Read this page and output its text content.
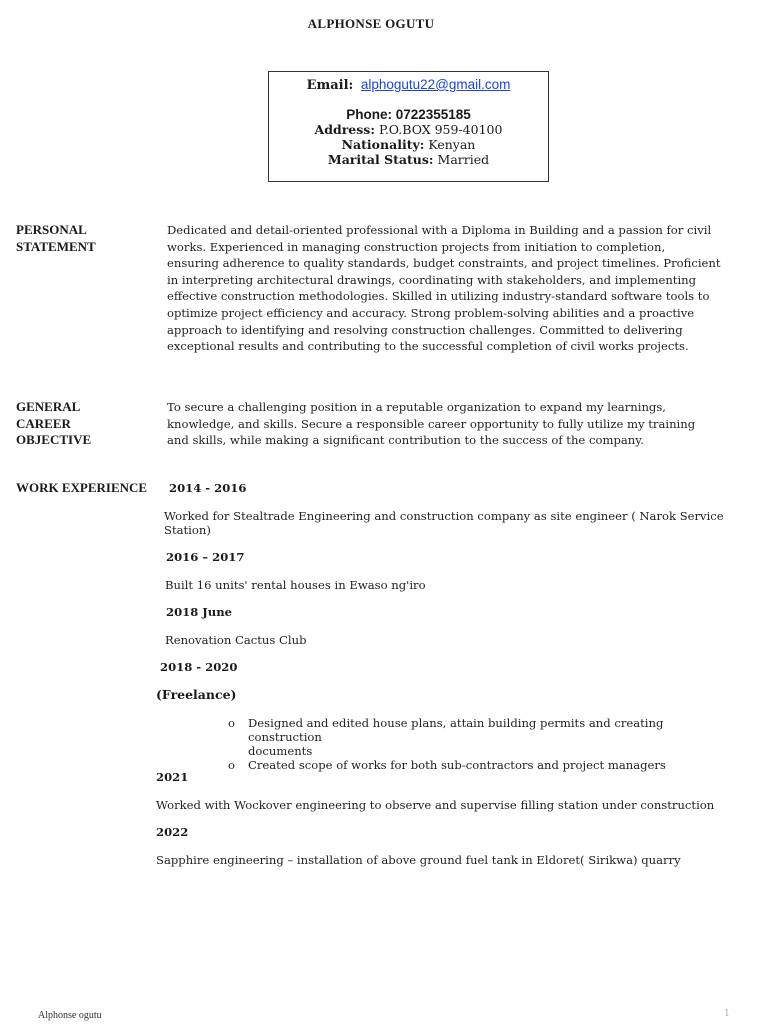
ALPHONSE OGUTU
Email: alphogutu22@gmail.com
Phone: 0722355185
Address: P.O.BOX 959-40100
Nationality: Kenyan
Marital Status: Married
PERSONAL
STATEMENT
Dedicated and detail-oriented professional with a Diploma in Building and a passion for civil
works. Experienced in managing construction projects from initiation to completion,
ensuring adherence to quality standards, budget constraints, and project timelines. Proficient
in interpreting architectural drawings, coordinating with stakeholders, and implementing
effective construction methodologies. Skilled in utilizing industry-standard software tools to
optimize project efficiency and accuracy. Strong problem-solving abilities and a proactive
approach to identifying and resolving construction challenges. Committed to delivering
exceptional results and contributing to the successful completion of civil works projects.
GENERAL
CAREER
OBJECTIVE
To secure a challenging position in a reputable organization to expand my learnings,
knowledge, and skills. Secure a responsible career opportunity to fully utilize my training
and skills, while making a significant contribution to the success of the company.
WORK EXPERIENCE	2014 - 2016
Worked for Stealtrade Engineering and construction company as site engineer ( Narok Service
Station)
2016 – 2017
Built 16 units' rental houses in Ewaso ng'iro
2018 June
Renovation Cactus Club
2018 - 2020
(Freelance)
o Designed and edited house plans, attain building permits and creating construction
documents
o Created scope of works for both sub-contractors and project managers
2021
Worked with Wockover engineering to observe and supervise filling station under construction
2022
Sapphire engineering – installation of above ground fuel tank in Eldoret( Sirikwa) quarry
Alphonse ogutu	1
